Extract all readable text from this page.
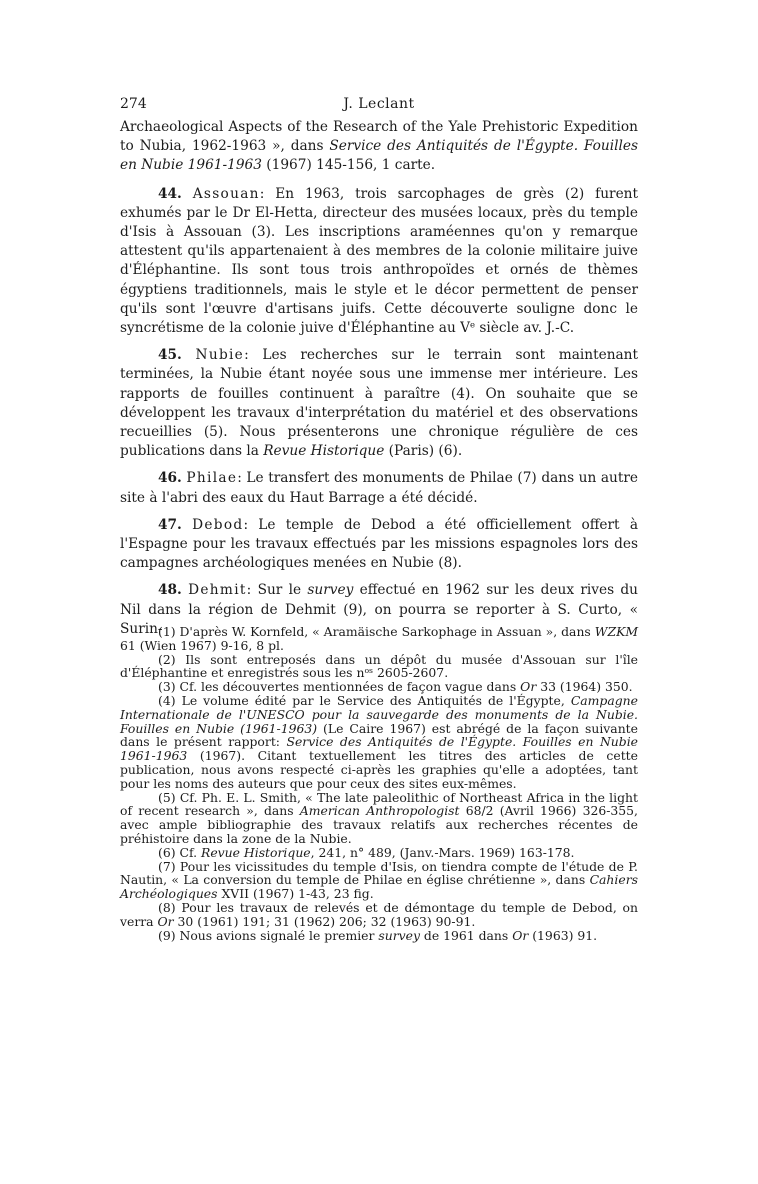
274	J. Leclant

Archaeological Aspects of the Research of the Yale Prehistoric Expedition to Nubia, 1962-1963 », dans Service des Antiquités de l'Égypte. Fouilles en Nubie 1961-1963 (1967) 145-156, 1 carte.

44. Assouan: En 1963, trois sarcophages de grès (2) furent exhumés par le Dr El-Hetta, directeur des musées locaux, près du temple d'Isis à Assouan (3). Les inscriptions araméennes qu'on y remarque attestent qu'ils appartenaient à des membres de la colonie militaire juive d'Éléphantine. Ils sont tous trois anthropoïdes et ornés de thèmes égyptiens traditionnels, mais le style et le décor permettent de penser qu'ils sont l'œuvre d'artisans juifs. Cette découverte souligne donc le syncrétisme de la colonie juive d'Éléphantine au Ve siècle av. J.-C.

45. Nubie: Les recherches sur le terrain sont maintenant terminées, la Nubie étant noyée sous une immense mer intérieure. Les rapports de fouilles continuent à paraître (4). On souhaite que se développent les travaux d'interprétation du matériel et des observations recueillies (5). Nous présenterons une chronique régulière de ces publications dans la Revue Historique (Paris) (6).

46. Philae: Le transfert des monuments de Philae (7) dans un autre site à l'abri des eaux du Haut Barrage a été décidé.

47. Debod: Le temple de Debod a été officiellement offert à l'Espagne pour les travaux effectués par les missions espagnoles lors des campagnes archéologiques menées en Nubie (8).

48. Dehmit: Sur le survey effectué en 1962 sur les deux rives du Nil dans la région de Dehmit (9), on pourra se reporter à S. Curto, « Surin-

(1) D'après W. Kornfeld, « Aramäische Sarkophage in Assuan », dans WZKM 61 (Wien 1967) 9-16, 8 pl.

(2) Ils sont entreposés dans un dépôt du musée d'Assouan sur l'île d'Éléphantine et enregistrés sous les $n^{os}$ 2605-2607.

(3) Cf. les découvertes mentionnées de façon vague dans Or 33 (1964) 350.

(4) Le volume édité par le Service des Antiquités de l'Égypte, Campagne Internationale de l'UNESCO pour la sauvegarde des monuments de la Nubie. Fouilles en Nubie (1961-1963) (Le Caire 1967) est abrégé de la façon suivante dans le présent rapport: Service des Antiquités de l'Égypte. Fouilles en Nubie 1961-1963 (1967). Citant textuellement les titres des articles de cette publication, nous avons respecté ci-après les graphies qu'elle a adoptées, tant pour les noms des auteurs que pour ceux des sites eux-mêmes.

(5) Cf. Ph. E. L. Smith, « The late paleolithic of Northeast Africa in the light of recent research », dans American Anthropologist 68/2 (Avril 1966) 326-355, avec ample bibliographie des travaux relatifs aux recherches récentes de préhistoire dans la zone de la Nubie.

(6) Cf. Revue Historique, 241, n° 489, (Janv.-Mars. 1969) 163-178.

(7) Pour les vicissitudes du temple d'Isis, on tiendra compte de l'étude de P. Nautin, « La conversion du temple de Philae en église chrétienne », dans Cahiers Archéologiques XVII (1967) 1-43, 23 fig.

(8) Pour les travaux de relevés et de démontage du temple de Debod, on verra Or 30 (1961) 191; 31 (1962) 206; 32 (1963) 90-91.

(9) Nous avions signalé le premier survey de 1961 dans Or (1963) 91.
